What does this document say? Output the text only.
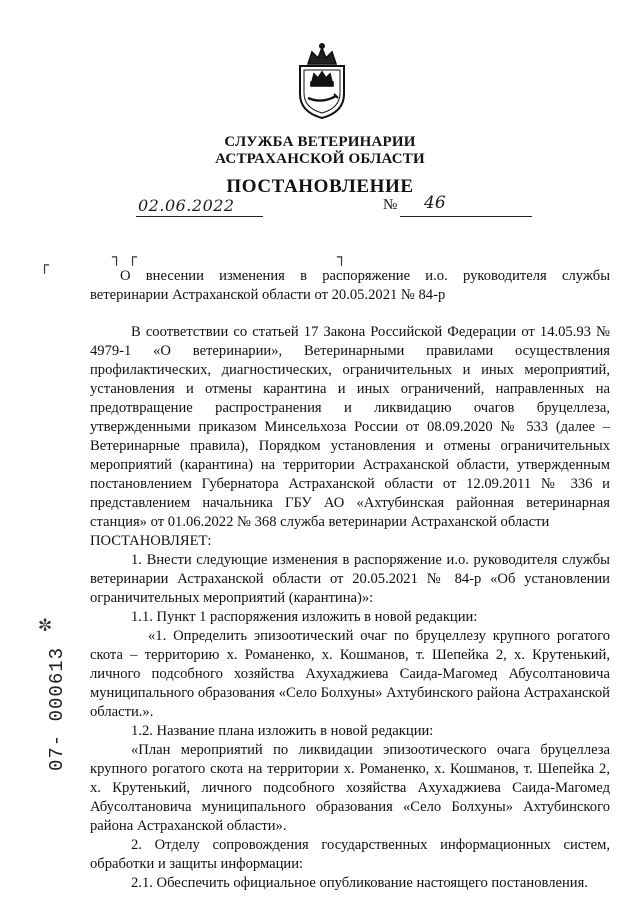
СЛУЖБА ВЕТЕРИНАРИИ
АСТРАХАНСКОЙ ОБЛАСТИ
ПОСТАНОВЛЕНИЕ
02.06.2022	№ 46
┌	┐ ┌	┐
О внесении изменения в распоряжение и.о. руководителя службы ветеринарии Астраханской области от 20.05.2021 № 84-р

В соответствии со статьей 17 Закона Российской Федерации от 14.05.93 № 4979-1 «О ветеринарии», Ветеринарными правилами осуществления профилактических, диагностических, ограничительных и иных мероприятий, установления и отмены карантина и иных ограничений, направленных на предотвращение распространения и ликвидацию очагов бруцеллеза, утвержденными приказом Минсельхоза России от 08.09.2020 № 533 (далее – Ветеринарные правила), Порядком установления и отмены ограничительных мероприятий (карантина) на территории Астраханской области, утвержденным постановлением Губернатора Астраханской области от 12.09.2011 № 336 и представлением начальника ГБУ АО «Ахтубинская районная ветеринарная станция» от 01.06.2022 № 368 служба ветеринарии Астраханской области

ПОСТАНОВЛЯЕТ:

1. Внести следующие изменения в распоряжение и.о. руководителя службы ветеринарии Астраханской области от 20.05.2021 № 84-р «Об установлении ограничительных мероприятий (карантина)»:

1.1. Пункт 1 распоряжения изложить в новой редакции:

«1. Определить эпизоотический очаг по бруцеллезу крупного рогатого скота – территорию х. Романенко, х. Кошманов, т. Шепейка 2, х. Крутенький, личного подсобного хозяйства Ахухаджиева Саида-Магомед Абусолтановича муниципального образования «Село Болхуны» Ахтубинского района Астраханской области.».

1.2. Название плана изложить в новой редакции:

«План мероприятий по ликвидации эпизоотического очага бруцеллеза крупного рогатого скота на территории х. Романенко, х. Кошманов, т. Шепейка 2, х. Крутенький, личного подсобного хозяйства Ахухаджиева Саида-Магомед Абусолтановича муниципального образования «Село Болхуны» Ахтубинского района Астраханской области».

2. Отделу сопровождения государственных информационных систем, обработки и защиты информации:

2.1. Обеспечить официальное опубликование настоящего постановления.

✼
07- 000613
